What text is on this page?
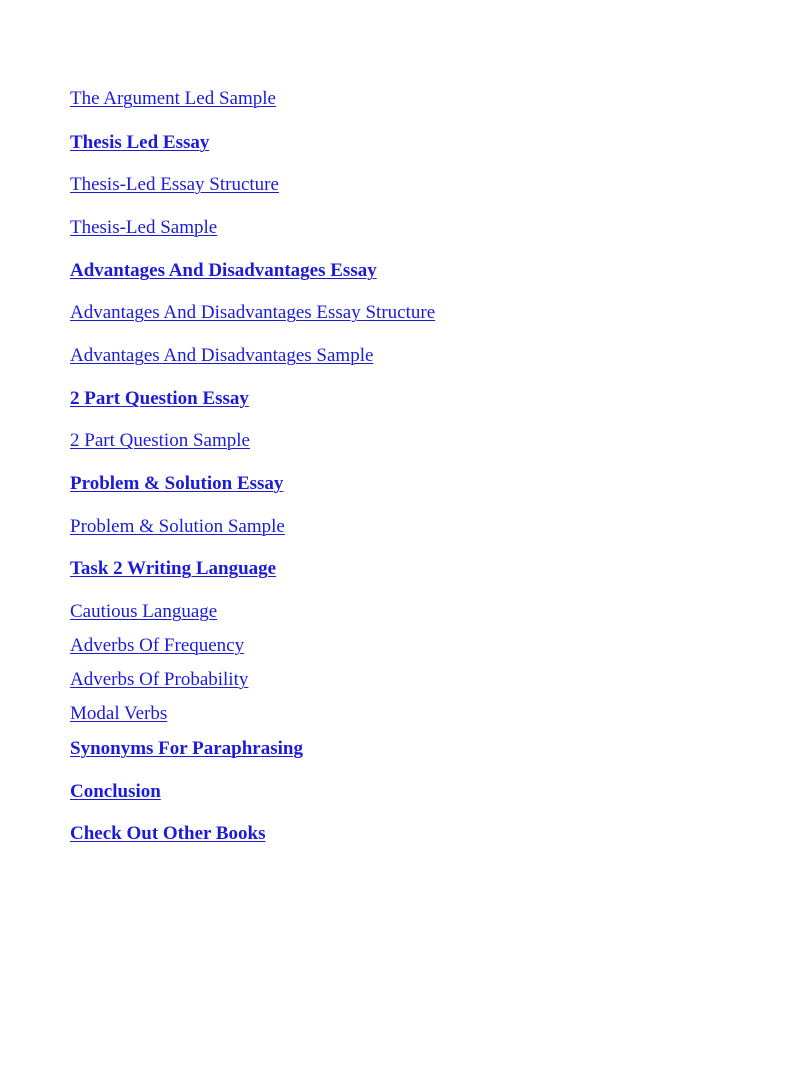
The Argument Led Sample
Thesis Led Essay
Thesis-Led Essay Structure
Thesis-Led Sample
Advantages And Disadvantages Essay
Advantages And Disadvantages Essay Structure
Advantages And Disadvantages Sample
2 Part Question Essay
2 Part Question Sample
Problem & Solution Essay
Problem & Solution Sample
Task 2 Writing Language
Cautious Language
Adverbs Of Frequency
Adverbs Of Probability
Modal Verbs
Synonyms For Paraphrasing
Conclusion
Check Out Other Books
